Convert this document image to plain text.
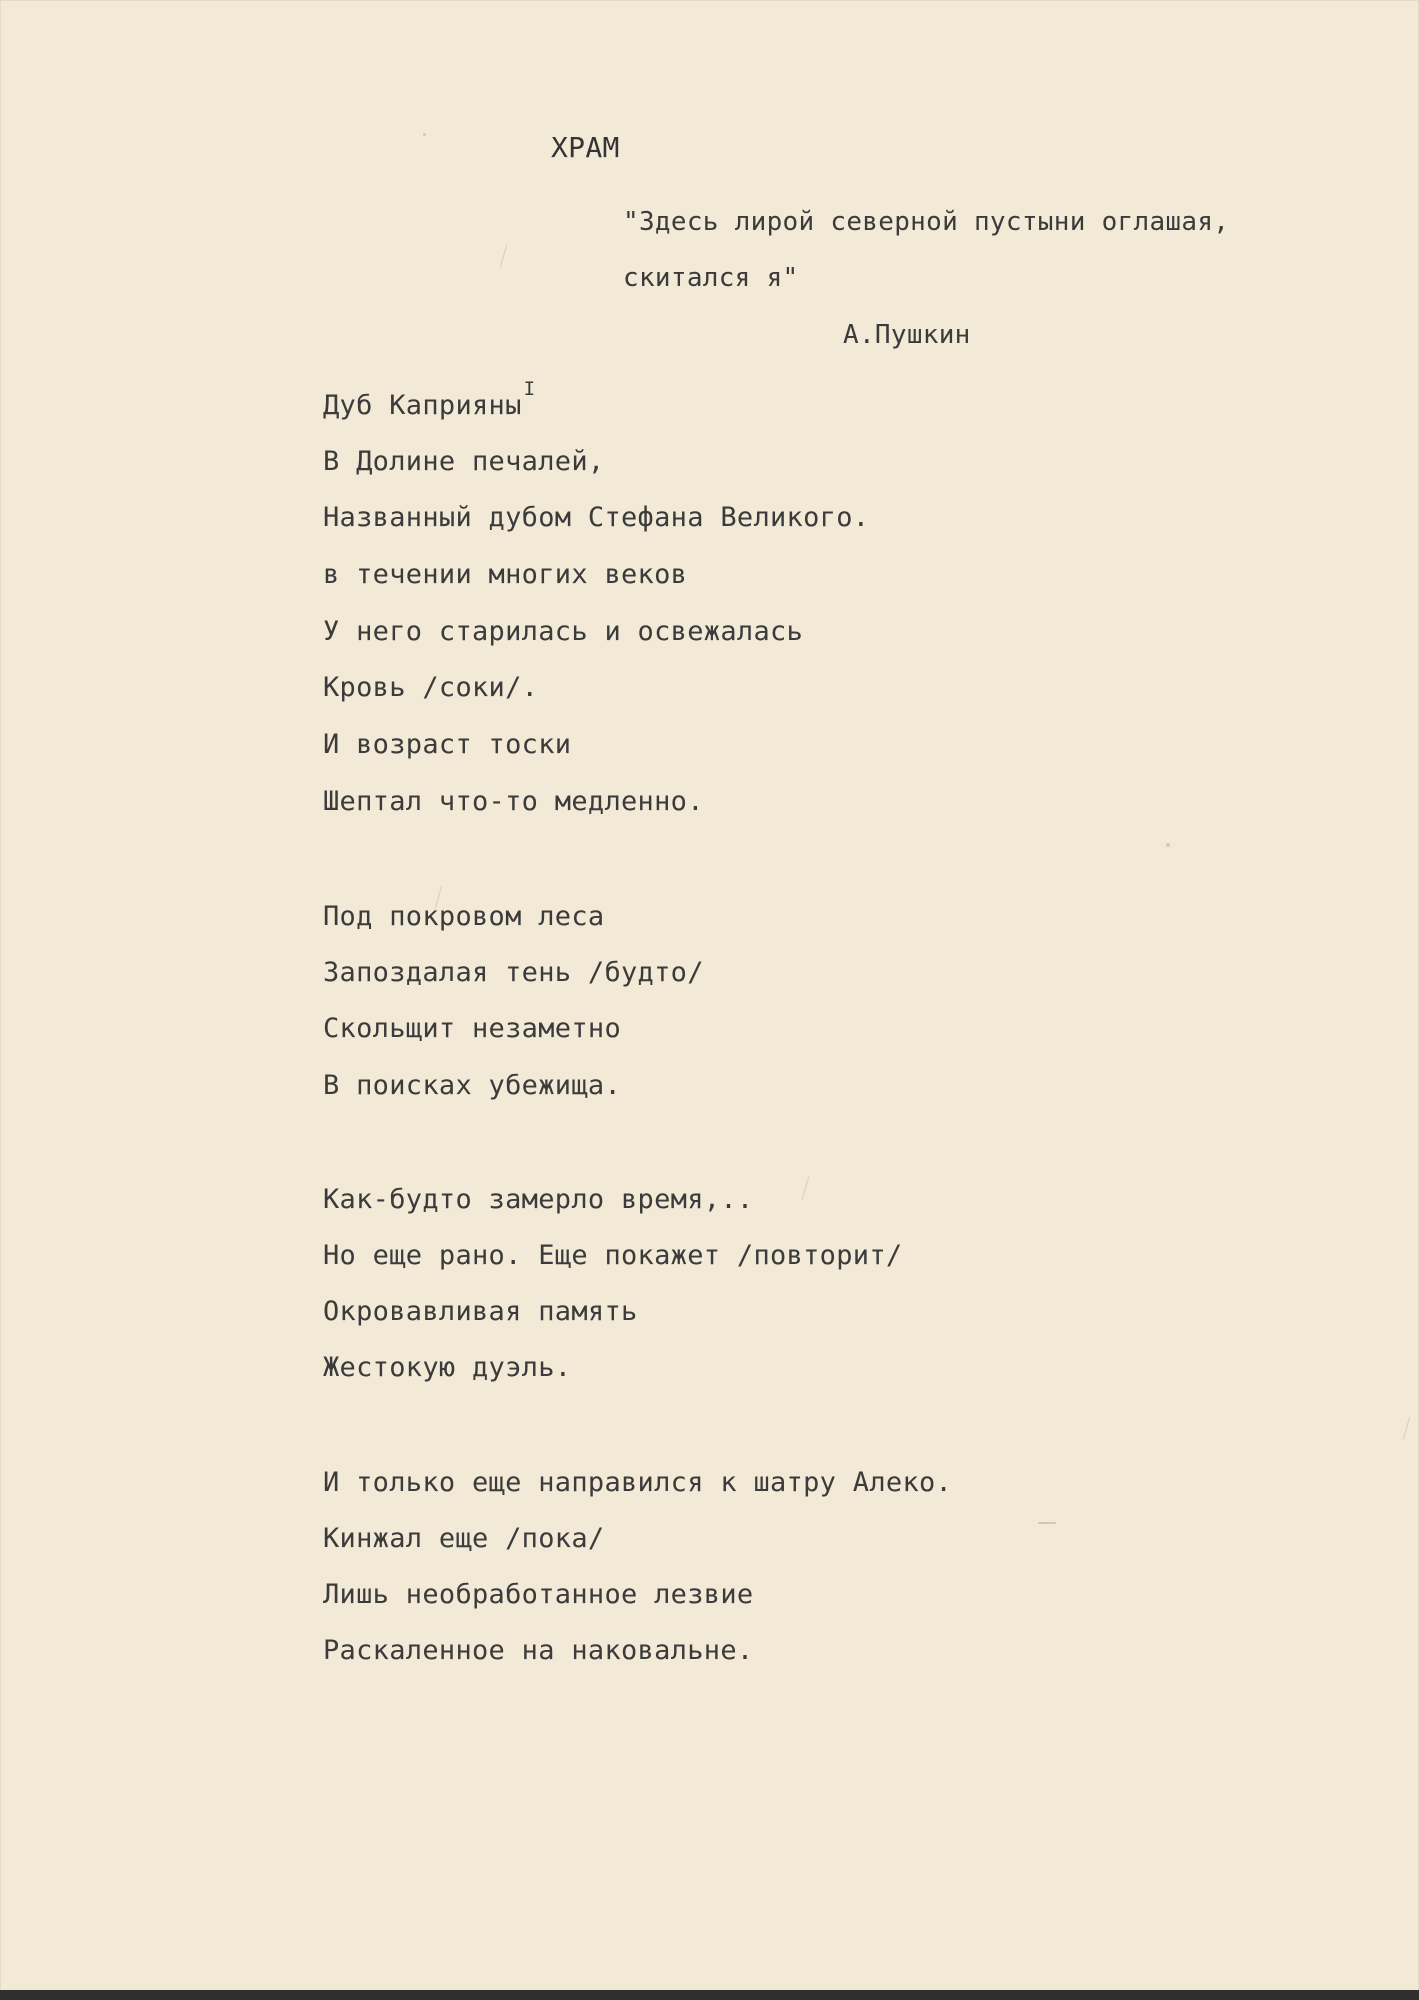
ХРАМ
"Здесь лирой северной пустыни оглашая,
скитался я"
А.Пушкин
Дуб Каприяны
I
В Долине печалей,
Названный дубом Стефана Великого.
в течении многих веков
У него старилась и освежалась
Кровь /соки/.
И возраст тоски
Шептал что-то медленно.
Под покровом леса
Запоздалая тень /будто/
Скольщит незаметно
В поисках убежища.
Как-будто замерло время,..
Но еще рано. Еще покажет /повторит/
Окровавливая память
Жестокую дуэль.
И только еще направился к шатру Алеко.
Кинжал еще /пока/
Лишь необработанное лезвие
Раскаленное на наковальне.
